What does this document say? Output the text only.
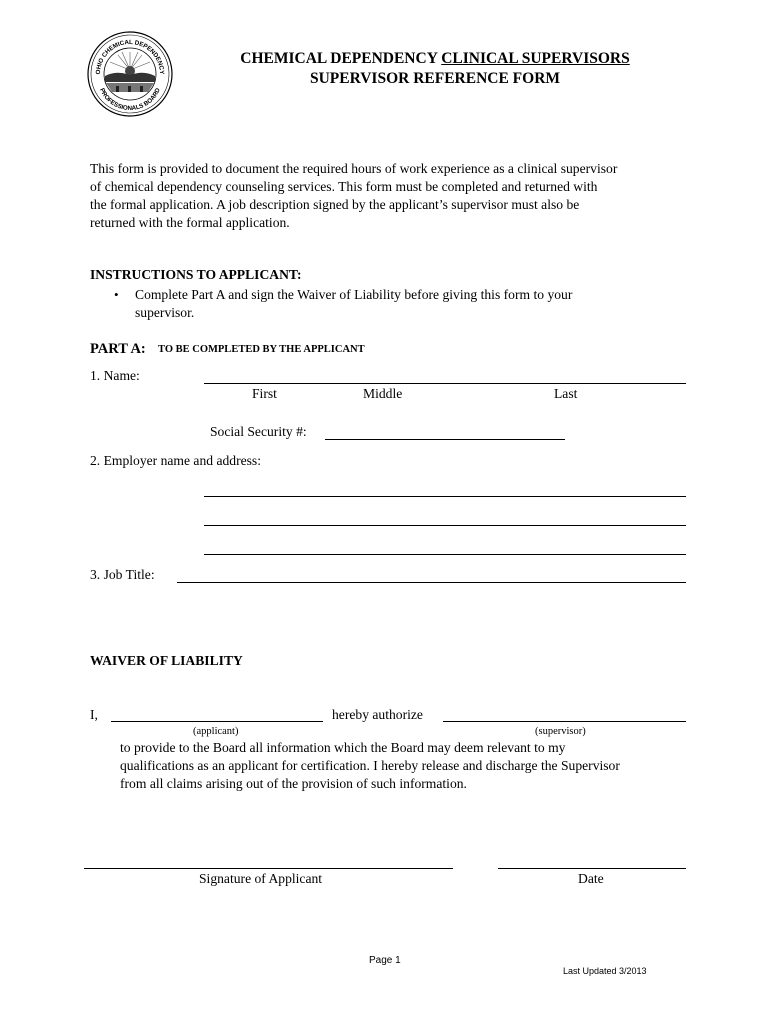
OHIO CHEMICAL DEPENDENCY
PROFESSIONALS BOARD
CHEMICAL DEPENDENCY CLINICAL SUPERVISORS
SUPERVISOR REFERENCE FORM
This form is provided to document the required hours of work experience as a clinical supervisor
of chemical dependency counseling services. This form must be completed and returned with
the formal application. A job description signed by the applicant’s supervisor must also be
returned with the formal application.
INSTRUCTIONS TO APPLICANT:
• Complete Part A and sign the Waiver of Liability before giving this form to your
supervisor.
PART A: TO BE COMPLETED BY THE APPLICANT
1. Name:
First	Middle	Last
Social Security #:
2. Employer name and address:
3. Job Title:
WAIVER OF LIABILITY
I,	hereby authorize
(applicant)	(supervisor)
to provide to the Board all information which the Board may deem relevant to my
qualifications as an applicant for certification. I hereby release and discharge the Supervisor
from all claims arising out of the provision of such information.
Signature of Applicant	Date
Page 1
Last Updated 3/2013
